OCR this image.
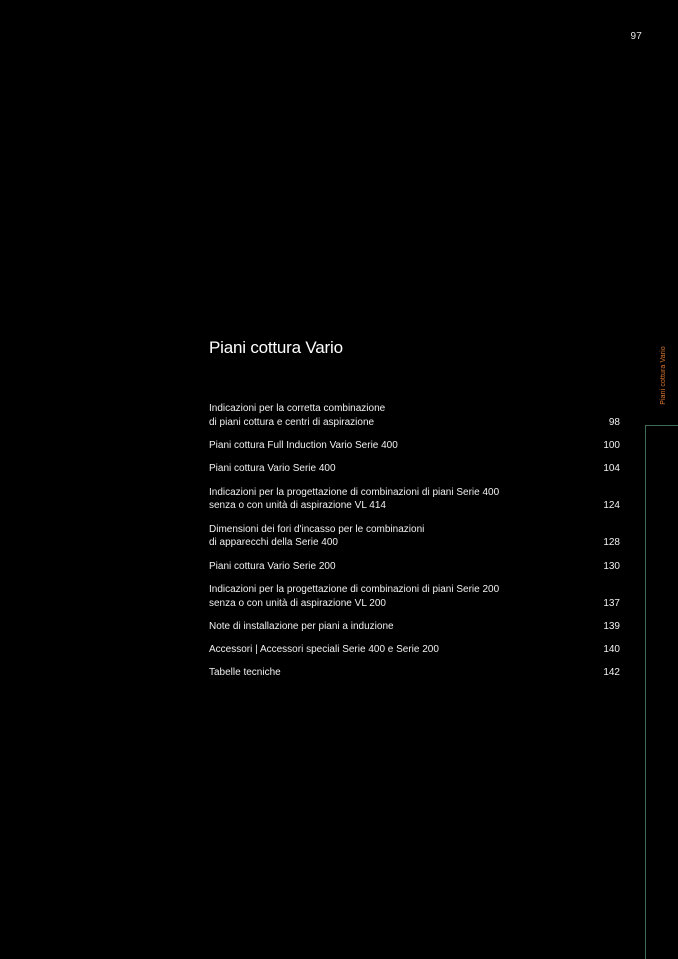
97
Piani cottura Vario	Piani cottura Vario
Indicazioni per la corretta combinazione
di piani cottura e centri di aspirazione	98
Piani cottura Full Induction Vario Serie 400	100
Piani cottura Vario Serie 400	104
Indicazioni per la progettazione di combinazioni di piani Serie 400
senza o con unità di aspirazione VL 414	124
Dimensioni dei fori d'incasso per le combinazioni
di apparecchi della Serie 400	128
Piani cottura Vario Serie 200	130
Indicazioni per la progettazione di combinazioni di piani Serie 200
senza o con unità di aspirazione VL 200	137
Note di installazione per piani a induzione	139
Accessori | Accessori speciali Serie 400 e Serie 200	140
Tabelle tecniche	142
